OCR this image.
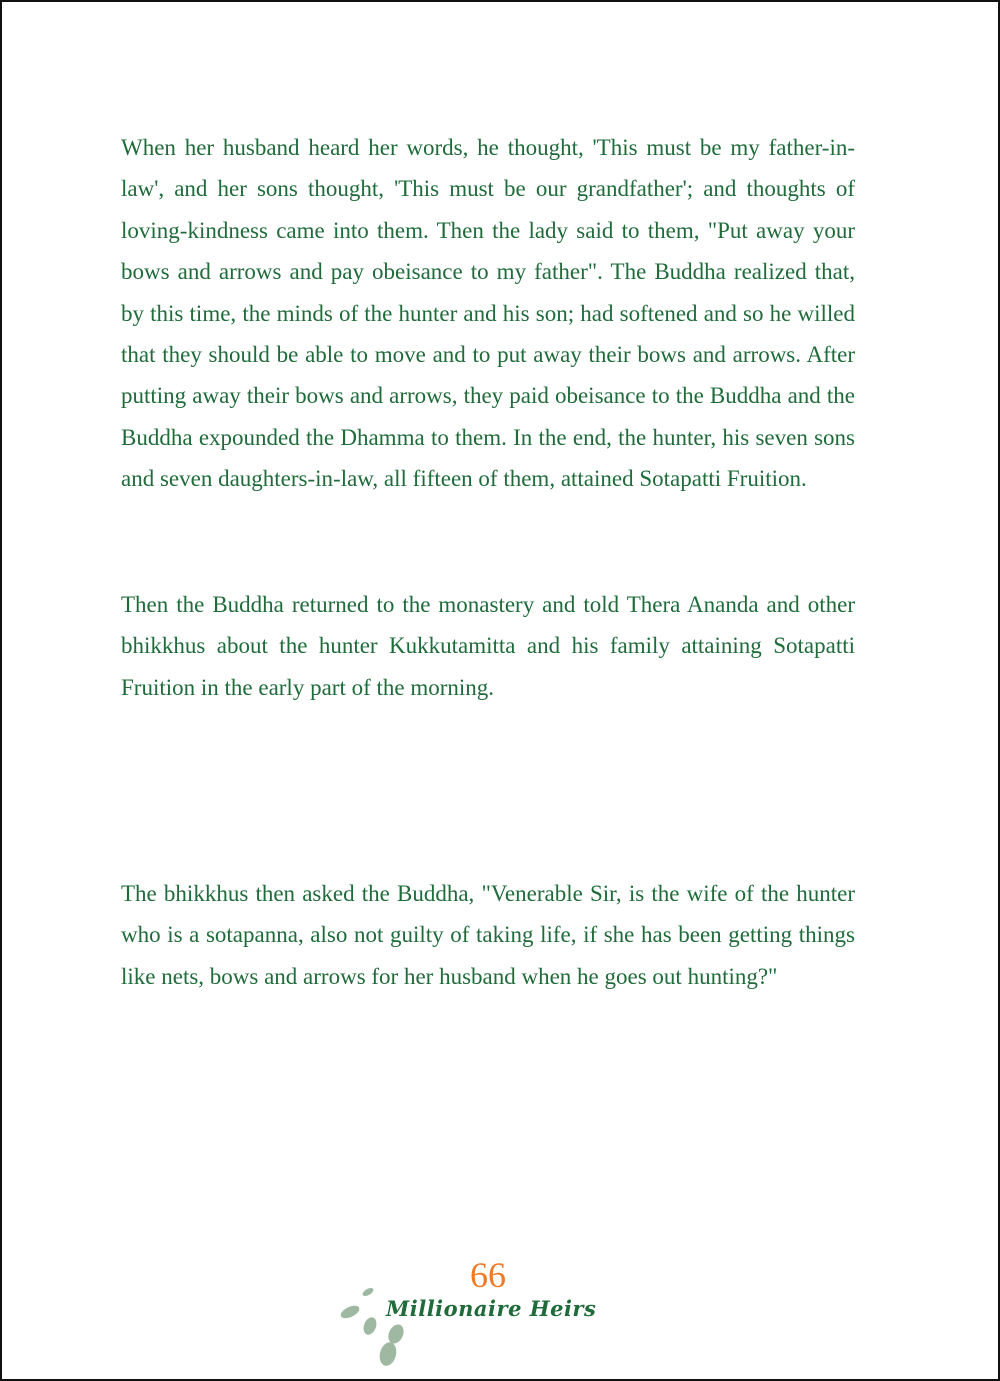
When her husband heard her words, he thought, 'This must be my father-in-law', and her sons thought, 'This must be our grandfather'; and thoughts of loving-kindness came into them. Then the lady said to them, "Put away your bows and arrows and pay obeisance to my father". The Buddha realized that, by this time, the minds of the hunter and his son; had softened and so he willed that they should be able to move and to put away their bows and arrows. After putting away their bows and arrows, they paid obeisance to the Buddha and the Buddha expounded the Dhamma to them. In the end, the hunter, his seven sons and seven daughters-in-law, all fifteen of them, attained Sotapatti Fruition.

Then the Buddha returned to the monastery and told Thera Ananda and other bhikkhus about the hunter Kukkutamitta and his family attaining Sotapatti Fruition in the early part of the morning.

The bhikkhus then asked the Buddha, "Venerable Sir, is the wife of the hunter who is a sotapanna, also not guilty of taking life, if she has been getting things like nets, bows and arrows for her husband when he goes out hunting?"

66
Millionaire Heirs
